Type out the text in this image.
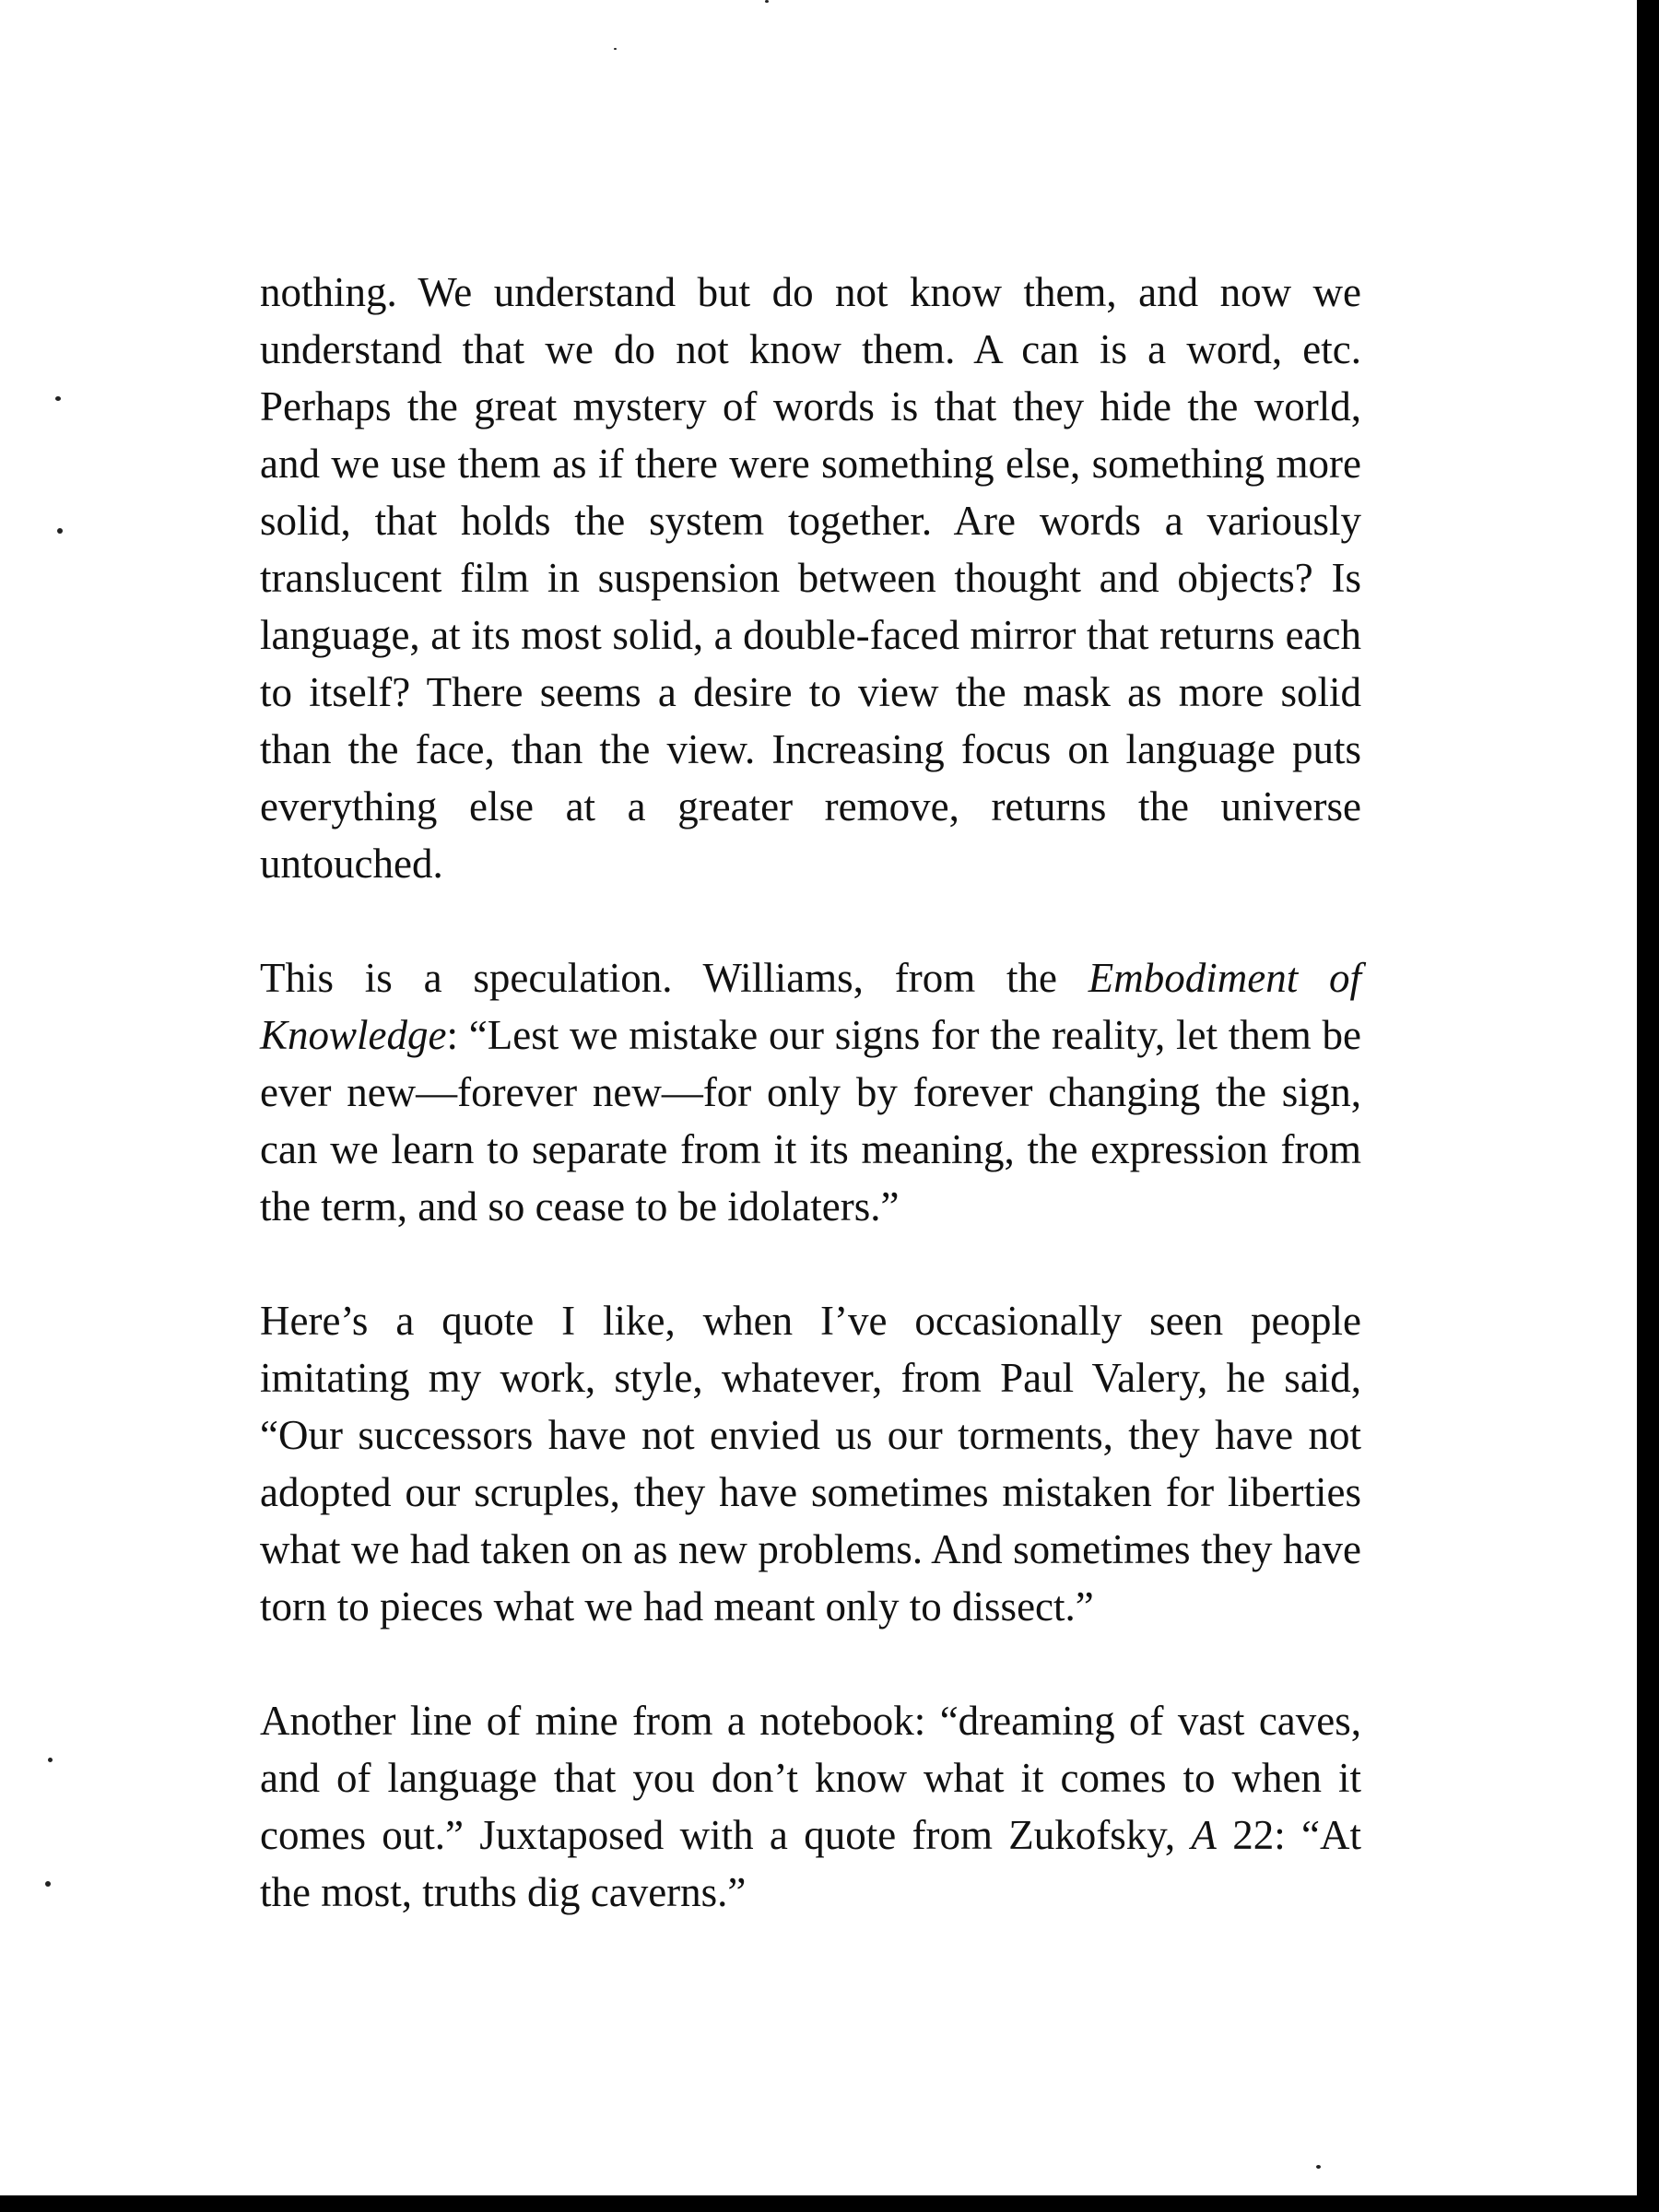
nothing. We understand but do not know them, and now we understand that we do not know them. A can is a word, etc. Perhaps the great mystery of words is that they hide the world, and we use them as if there were something else, something more solid, that holds the system together. Are words a variously translucent film in suspension between thought and objects? Is language, at its most solid, a double-faced mirror that returns each to itself? There seems a desire to view the mask as more solid than the face, than the view. Increasing focus on language puts everything else at a greater remove, returns the universe untouched.

This is a speculation. Williams, from the Embodiment of Knowledge: “Lest we mistake our signs for the reality, let them be ever new—forever new—for only by forever changing the sign, can we learn to separate from it its meaning, the expression from the term, and so cease to be idolaters.”

Here’s a quote I like, when I’ve occasionally seen people imitating my work, style, whatever, from Paul Valery, he said, “Our successors have not envied us our torments, they have not adopted our scruples, they have sometimes mistaken for liberties what we had taken on as new problems. And sometimes they have torn to pieces what we had meant only to dissect.”

Another line of mine from a notebook: “dreaming of vast caves, and of language that you don’t know what it comes to when it comes out.” Juxtaposed with a quote from Zukofsky, A 22: “At the most, truths dig caverns.”
